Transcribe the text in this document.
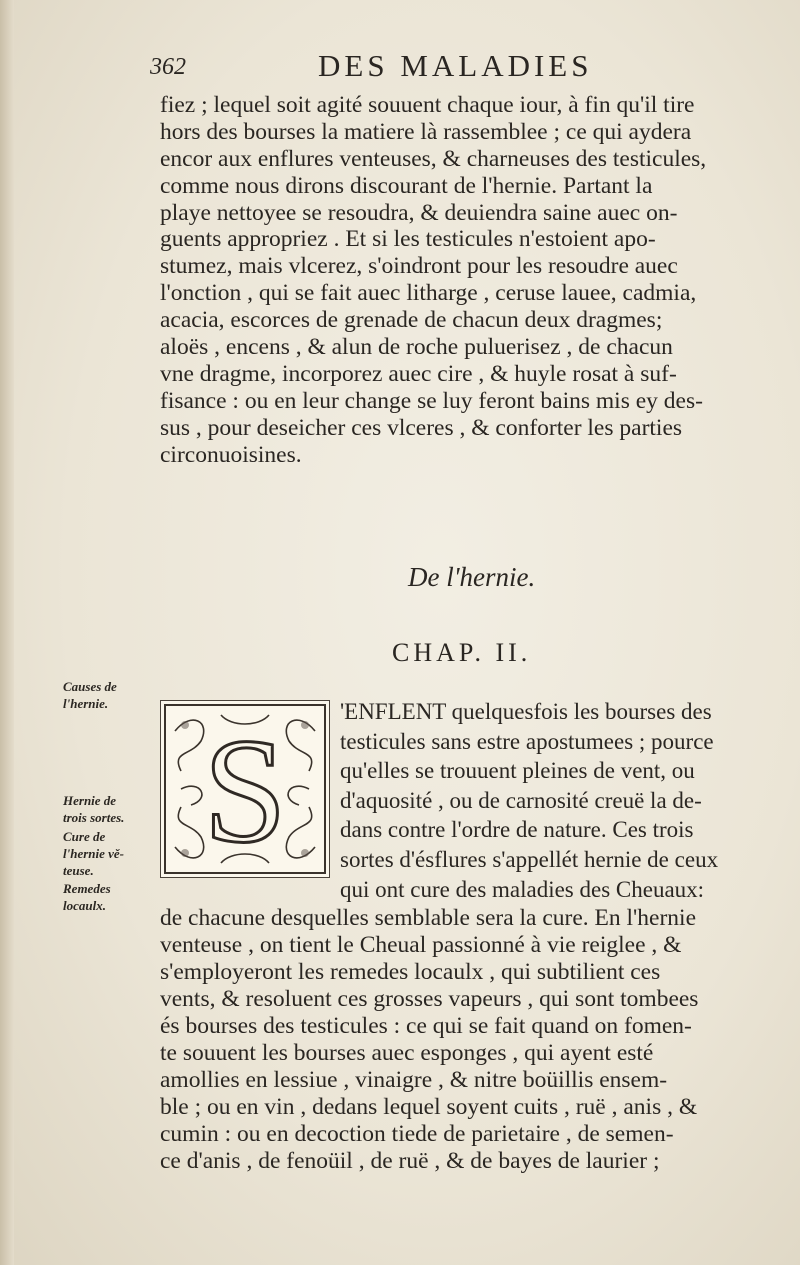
362	DES MALADIES
fiez ; lequel soit agité souuent chaque iour, à fin qu'il tire
hors des bourses la matiere là rassemblee ; ce qui aydera
encor aux enflures venteuses, & charneuses des testicules,
comme nous dirons discourant de l'hernie. Partant la
playe nettoyee se resoudra, & deuiendra saine auec on-
guents appropriez . Et si les testicules n'estoient apo-
stumez, mais vlcerez, s'oindront pour les resoudre auec
l'onction , qui se fait auec litharge , ceruse lauee, cadmia,
acacia, escorces de grenade de chacun deux dragmes;
aloës , encens , & alun de roche puluerisez , de chacun
vne dragme, incorporez auec cire , & huyle rosat à suf-
fisance : ou en leur change se luy feront bains mis ey des-
sus , pour deseicher ces vlceres , & conforter les parties
circonuoisines.
De l'hernie.
CHAP. II.
Causes de
l'hernie.
Hernie de
trois sortes.
Cure de
l'hernie vě-
teuse.
Remedes
locaulx.
S 'ENFLENT quelquesfois les bourses des
testicules sans estre apostumees ; pource
qu'elles se trouuent pleines de vent, ou
d'aquosité , ou de carnosité creuë la de-
dans contre l'ordre de nature. Ces trois
sortes d'ésflures s'appellét hernie de ceux
qui ont cure des maladies des Cheuaux:
de chacune desquelles semblable sera la cure. En l'hernie
venteuse , on tient le Cheual passionné à vie reiglee , &
s'employeront les remedes locaulx , qui subtilient ces
vents, & resoluent ces grosses vapeurs , qui sont tombees
és bourses des testicules : ce qui se fait quand on fomen-
te souuent les bourses auec esponges , qui ayent esté
amollies en lessiue , vinaigre , & nitre boüillis ensem-
ble ; ou en vin , dedans lequel soyent cuits , ruë , anis , &
cumin : ou en decoction tiede de parietaire , de semen-
ce d'anis , de fenoüil , de ruë , & de bayes de laurier ;
